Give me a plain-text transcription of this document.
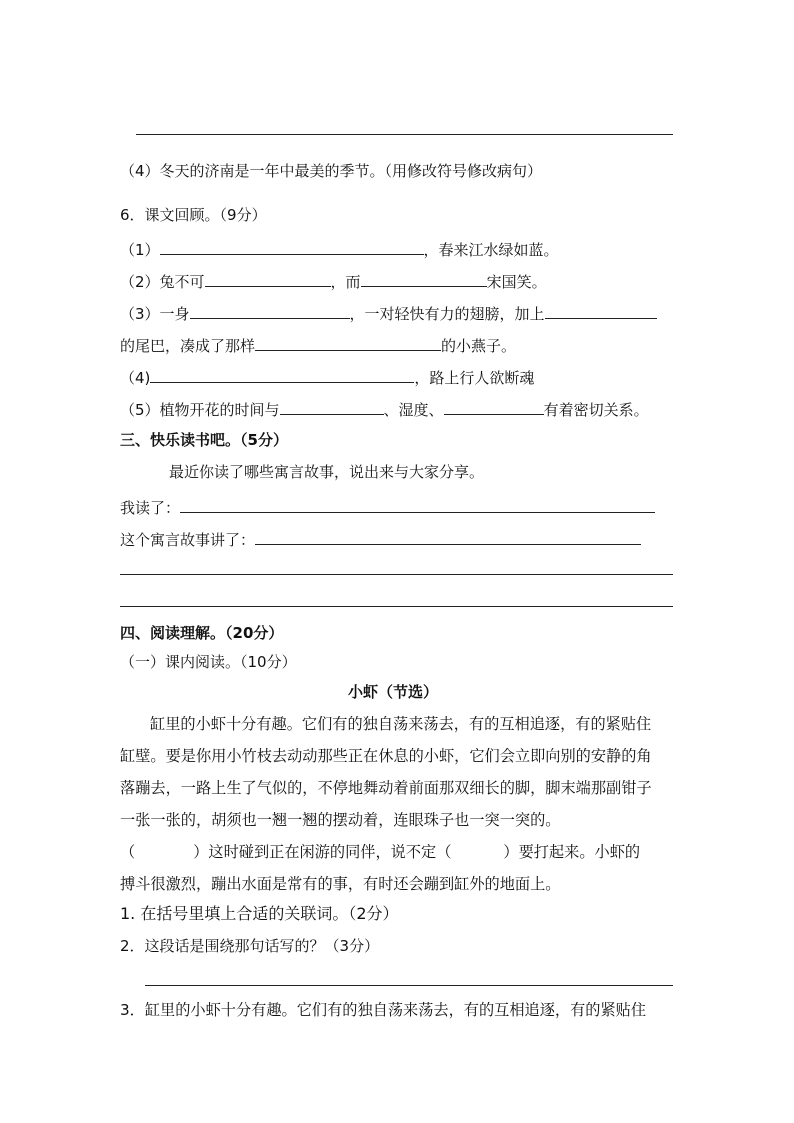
（4）冬天的济南是一年中最美的季节。（用修改符号修改病句）
6．课文回顾。（9分）
（1）	，春来江水绿如蓝。
（2）兔不可	，而	宋国笑。
（3）一身	，一对轻快有力的翅膀，加上
的尾巴，凑成了那样	的小燕子。
（4)	，路上行人欲断魂
（5）植物开花的时间与	、湿度、	有着密切关系。
三、快乐读书吧。（5分）
最近你读了哪些寓言故事，说出来与大家分享。
我读了：
这个寓言故事讲了：
四、阅读理解。（20分）
（一）课内阅读。（10分）
小虾（节选）
缸里的小虾十分有趣。它们有的独自荡来荡去，有的互相追逐，有的紧贴住
缸壁。要是你用小竹枝去动动那些正在休息的小虾，它们会立即向别的安静的角
落蹦去，一路上生了气似的，不停地舞动着前面那双细长的脚，脚末端那副钳子
一张一张的，胡须也一翘一翘的摆动着，连眼珠子也一突一突的。
（	）这时碰到正在闲游的同伴，说不定（	）要打起来。小虾的
搏斗很激烈，蹦出水面是常有的事，有时还会蹦到缸外的地面上。
1. 在括号里填上合适的关联词。（2分）
2．这段话是围绕那句话写的？（3分）
3．缸里的小虾十分有趣。它们有的独自荡来荡去，有的互相追逐，有的紧贴住
